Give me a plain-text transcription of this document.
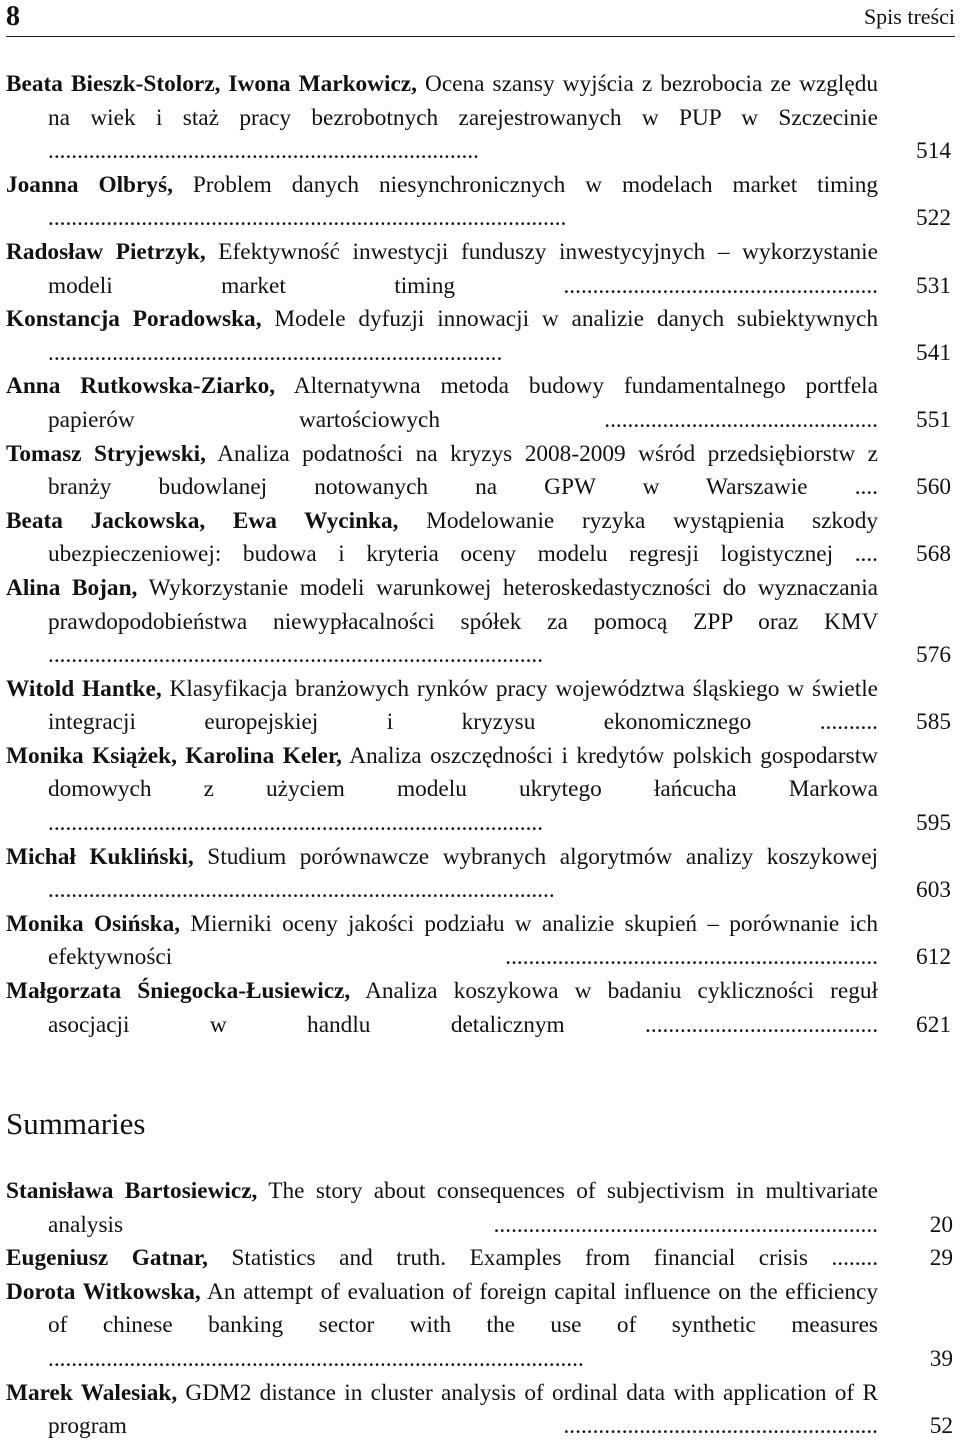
8	Spis treści
Beata Bieszk-Stolorz, Iwona Markowicz, Ocena szansy wyjścia z bezrobocia ze względu na wiek i staż pracy bezrobotnych zarejestrowanych w PUP w Szczecinie ..........................................................................	514
Joanna Olbryś, Problem danych niesynchronicznych w modelach market timing .........................................................................................	522
Radosław Pietrzyk, Efektywność inwestycji funduszy inwestycyjnych – wykorzystanie modeli market timing	...................................................... 531
Konstancja Poradowska, Modele dyfuzji innowacji w analizie danych subiektywnych ..............................................................................	541
Anna Rutkowska-Ziarko, Alternatywna metoda budowy fundamentalnego portfela papierów wartościowych	............................................... 551
Tomasz Stryjewski, Analiza podatności na kryzys 2008-2009 wśród przedsiębiorstw z branży budowlanej notowanych na GPW w Warszawie .... 560
Beata Jackowska, Ewa Wycinka, Modelowanie ryzyka wystąpienia szkody ubezpieczeniowej: budowa i kryteria oceny modelu regresji logistycznej .... 568
Alina Bojan, Wykorzystanie modeli warunkowej heteroskedastyczności do wyznaczania prawdopodobieństwa niewypłacalności spółek za pomocą ZPP oraz KMV .....................................................................................	576
Witold Hantke, Klasyfikacja branżowych rynków pracy województwa śląskiego w świetle integracji europejskiej i kryzysu ekonomicznego	.......... 585
Monika Książek, Karolina Keler, Analiza oszczędności i kredytów polskich gospodarstw domowych z użyciem modelu ukrytego łańcucha Markowa .....................................................................................	595
Michał Kukliński, Studium porównawcze wybranych algorytmów analizy koszykowej .......................................................................................	603
Monika Osińska, Mierniki oceny jakości podziału w analizie skupień – porównanie ich efektywności	................................................................ 612
Małgorzata Śniegocka-Łusiewicz, Analiza koszykowa w badaniu cykliczności reguł asocjacji w handlu detalicznym	........................................ 621
Summaries
Stanisława Bartosiewicz, The story about consequences of subjectivism in multivariate analysis	.................................................................. 20
Eugeniusz Gatnar, Statistics and truth. Examples from financial crisis ........ 29
Dorota Witkowska, An attempt of evaluation of foreign capital influence on the efficiency of chinese banking sector with the use of synthetic measures ............................................................................................	39
Marek Walesiak, GDM2 distance in cluster analysis of ordinal data with application of R program	...................................................... 52
